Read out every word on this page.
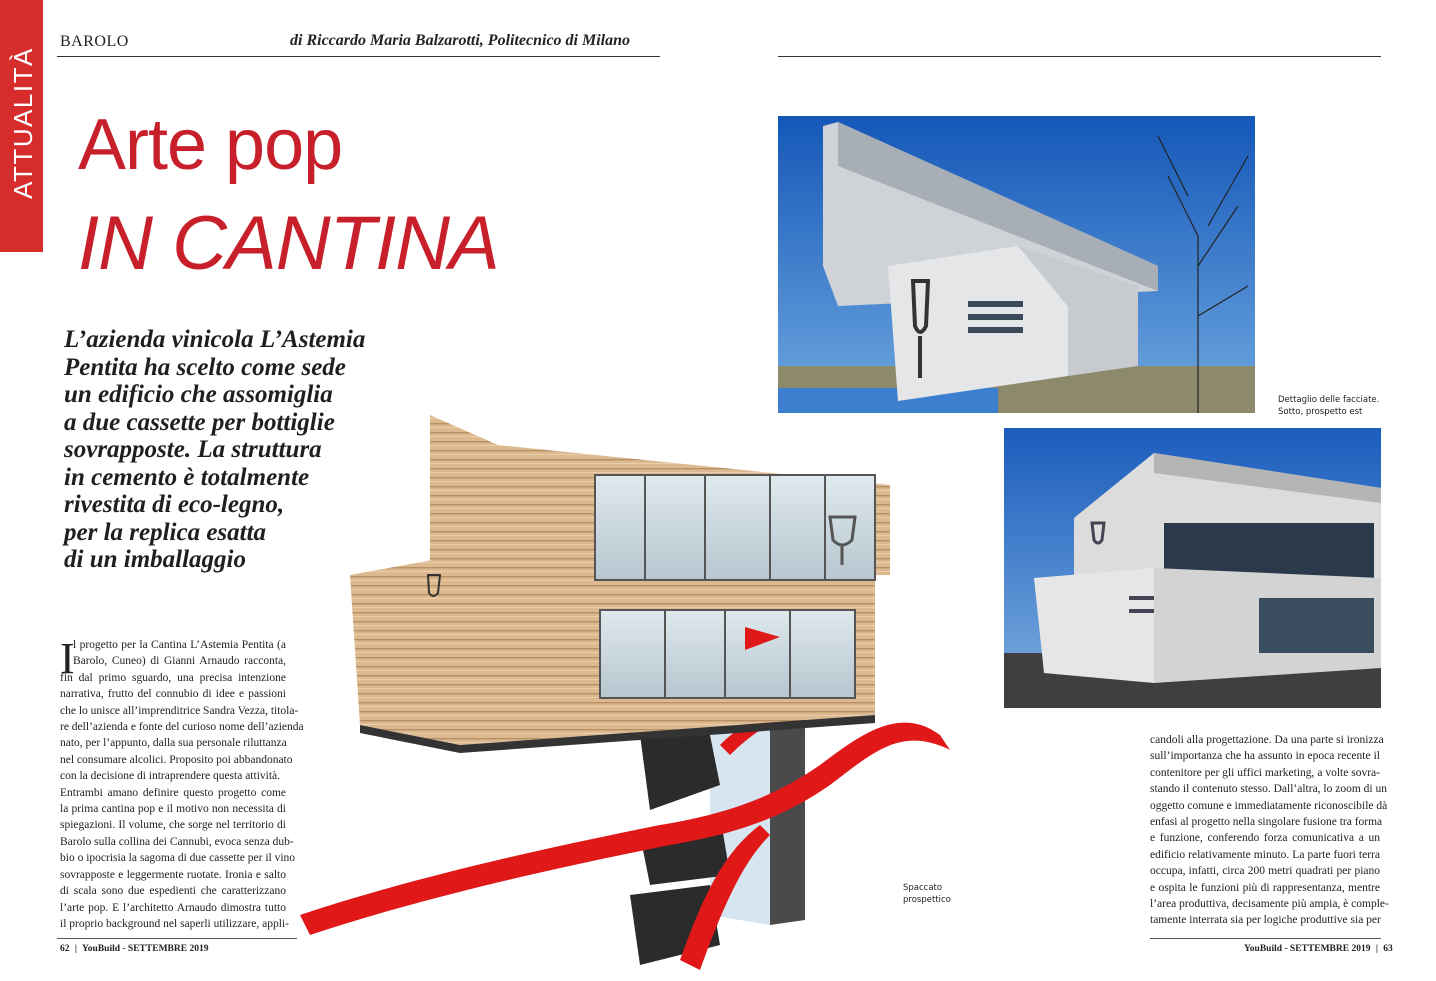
ATTUALITÀ
BAROLO	di Riccardo Maria Balzarotti, Politecnico di Milano
Arte pop
IN CANTINA
L’azienda vinicola L’Astemia
Pentita ha scelto come sede
un edificio che assomiglia
a due cassette per bottiglie
sovrapposte. La struttura
in cemento è totalmente
rivestita di eco-legno,
per la replica esatta
di un imballaggio
I
l progetto per la Cantina L’Astemia Pentita (a
Barolo, Cuneo) di Gianni Arnaudo racconta,
fin dal primo sguardo, una precisa intenzione
narrativa, frutto del connubio di idee e passioni
che lo unisce all’imprenditrice Sandra Vezza, titola-
re dell’azienda e fonte del curioso nome dell’azienda
nato, per l’appunto, dalla sua personale riluttanza
nel consumare alcolici. Proposito poi abbandonato
con la decisione di intraprendere questa attività.
Entrambi amano definire questo progetto come
la prima cantina pop e il motivo non necessita di
spiegazioni. Il volume, che sorge nel territorio di
Barolo sulla collina dei Cannubi, evoca senza dub-
bio o ipocrisia la sagoma di due cassette per il vino
sovrapposte e leggermente ruotate. Ironia e salto
di scala sono due espedienti che caratterizzano
l’arte pop. E l’architetto Arnaudo dimostra tutto
il proprio background nel saperli utilizzare, appli-
Dettaglio delle facciate.
Sotto, prospetto est
candoli alla progettazione. Da una parte si ironizza
sull’importanza che ha assunto in epoca recente il
contenitore per gli uffici marketing, a volte sovra-
stando il contenuto stesso. Dall’altra, lo zoom di un
oggetto comune e immediatamente riconoscibile dà
enfasi al progetto nella singolare fusione tra forma
e funzione, conferendo forza comunicativa a un
edificio relativamente minuto. La parte fuori terra
occupa, infatti, circa 200 metri quadrati per piano
e ospita le funzioni più di rappresentanza, mentre
l’area produttiva, decisamente più ampia, è comple-
tamente interrata sia per logiche produttive sia per
Spaccato
prospettico
62 | YouBuild - SETTEMBRE 2019	YouBuild - SETTEMBRE 2019 | 63
